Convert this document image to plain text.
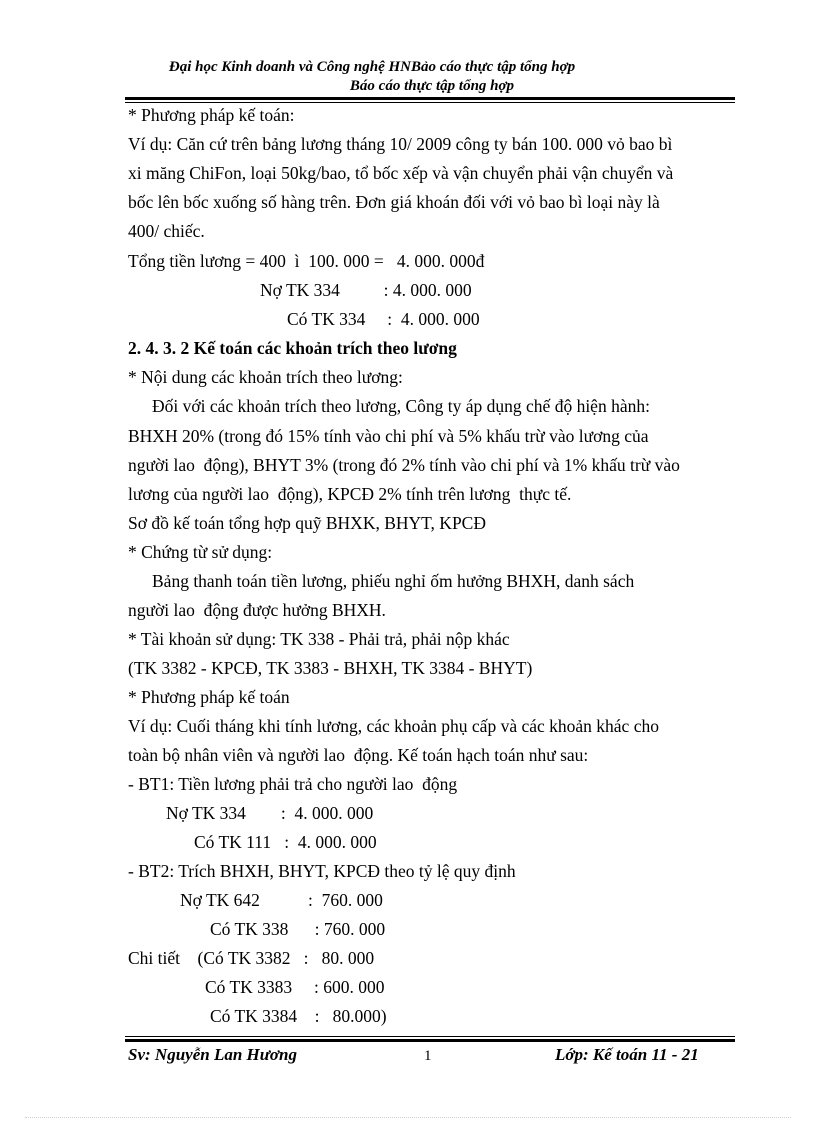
Đại học Kinh doanh và Công nghệ HNBảo cáo thực tập tổng hợp
Báo cáo thực tập tổng hợp
* Phương pháp kế toán:
Ví dụ: Căn cứ trên bảng lương tháng 10/ 2009 công ty bán 100. 000 vỏ bao bì
xi măng ChiFon, loại 50kg/bao, tổ bốc xếp và vận chuyển phải vận chuyển và
bốc lên bốc xuống số hàng trên. Đơn giá khoán đối với vỏ bao bì loại này là
400/ chiếc.
Tổng tiền lương = 400  ì  100. 000 =   4. 000. 000đ
Nợ TK 334          : 4. 000. 000
Có TK 334     :  4. 000. 000
2. 4. 3. 2 Kế toán các khoản trích theo lương
* Nội dung các khoản trích theo lương:
Đối với các khoản trích theo lương, Công ty áp dụng chế độ hiện hành:
BHXH 20% (trong đó 15% tính vào chi phí và 5% khấu trừ vào lương của
người lao  động), BHYT 3% (trong đó 2% tính vào chi phí và 1% khấu trừ vào
lương của người lao  động), KPCĐ 2% tính trên lương  thực tế.
Sơ đồ kế toán tổng hợp quỹ BHXK, BHYT, KPCĐ
* Chứng từ sử dụng:
Bảng thanh toán tiền lương, phiếu nghỉ ốm hưởng BHXH, danh sách
người lao  động được hưởng BHXH.
* Tài khoản sử dụng: TK 338 - Phải trả, phải nộp khác
(TK 3382 - KPCĐ, TK 3383 - BHXH, TK 3384 - BHYT)
* Phương pháp kế toán
Ví dụ: Cuối tháng khi tính lương, các khoản phụ cấp và các khoản khác cho
toàn bộ nhân viên và người lao  động. Kế toán hạch toán như sau:
- BT1: Tiền lương phải trả cho người lao  động
Nợ TK 334        :  4. 000. 000
Có TK 111   :  4. 000. 000
- BT2: Trích BHXH, BHYT, KPCĐ theo tỷ lệ quy định
Nợ TK 642           :  760. 000
Có TK 338      : 760. 000
Chi tiết    (Có TK 3382   :   80. 000
Có TK 3383     : 600. 000
Có TK 3384    :   80.000)
Sv: Nguyễn Lan Hương	1	Lớp: Kế toán 11 - 21
